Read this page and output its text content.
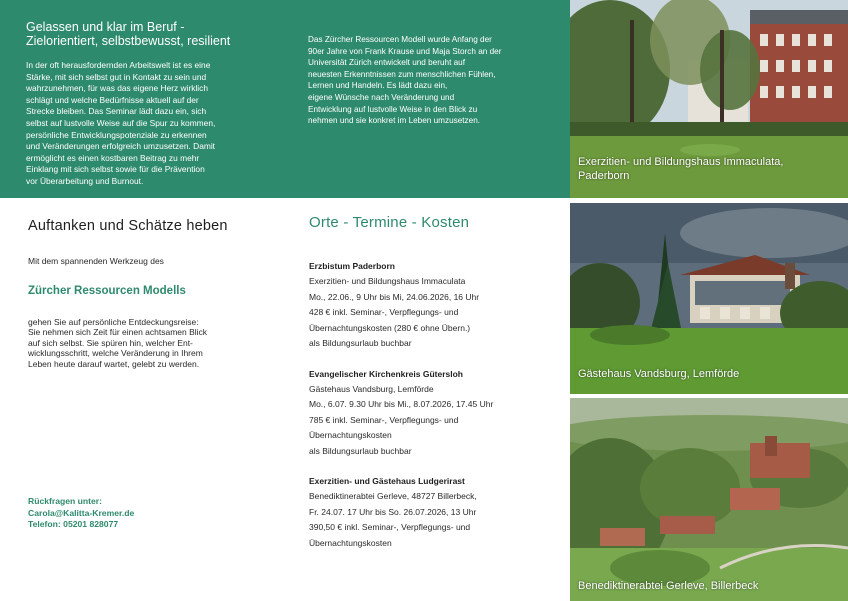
Gelassen und klar im Beruf -

Zielorientiert, selbstbewusst, resilient

In der oft herausfordernden Arbeitswelt ist es eine

Stärke, mit sich selbst gut in Kontakt zu sein und

wahrzunehmen, für was das eigene Herz wirklich

schlägt und welche Bedürfnisse aktuell auf der

Strecke bleiben. Das Seminar lädt dazu ein, sich

selbst auf lustvolle Weise auf die Spur zu kommen,

persönliche Entwicklungspotenziale zu erkennen

und Veränderungen erfolgreich umzusetzen. Damit

ermöglicht es einen kostbaren Beitrag zu mehr

Einklang mit sich selbst sowie für die Prävention

vor Überarbeitung und Burnout.

Das Zürcher Ressourcen Modell wurde Anfang der

90er Jahre von Frank Krause und Maja Storch an der

Universität Zürich entwickelt und beruht auf

neuesten Erkenntnissen zum menschlichen Fühlen,

Lernen und Handeln. Es lädt dazu ein,

eigene Wünsche nach Veränderung und

Entwicklung auf lustvolle Weise in den Blick zu

nehmen und sie konkret im Leben umzusetzen.

Auftanken und Schätze heben

Mit dem spannenden Werkzeug des

Zürcher Ressourcen Modells

gehen Sie auf persönliche Entdeckungsreise:

Sie nehmen sich Zeit für einen achtsamen Blick

auf sich selbst. Sie spüren hin, welcher Ent-

wicklungsschritt, welche Veränderung in Ihrem

Leben heute darauf wartet, gelebt zu werden.

Rückfragen unter:

Carola@Kalitta-Kremer.de

Telefon: 05201 828077

Orte - Termine - Kosten

Erzbistum Paderborn

Exerzitien- und Bildungshaus Immaculata

Mo., 22.06., 9 Uhr bis Mi, 24.06.2026, 16 Uhr

428 € inkl. Seminar-, Verpflegungs- und

Übernachtungskosten (280 € ohne Übern.)

als Bildungsurlaub buchbar

Evangelischer Kirchenkreis Gütersloh

Gästehaus Vandsburg, Lemförde

Mo., 6.07. 9.30 Uhr bis Mi., 8.07.2026, 17.45 Uhr

785 € inkl. Seminar-, Verpflegungs- und

Übernachtungskosten

als Bildungsurlaub buchbar

Exerzitien- und Gästehaus Ludgerirast

Benediktinerabtei Gerleve, 48727 Billerbeck,

Fr. 24.07. 17 Uhr bis So. 26.07.2026, 13 Uhr

390,50 € inkl. Seminar-, Verpflegungs- und

Übernachtungskosten

Exerzitien- und Bildungshaus Immaculata,
Paderborn
Gästehaus Vandsburg, Lemförde
Benediktinerabtei Gerleve, Billerbeck
